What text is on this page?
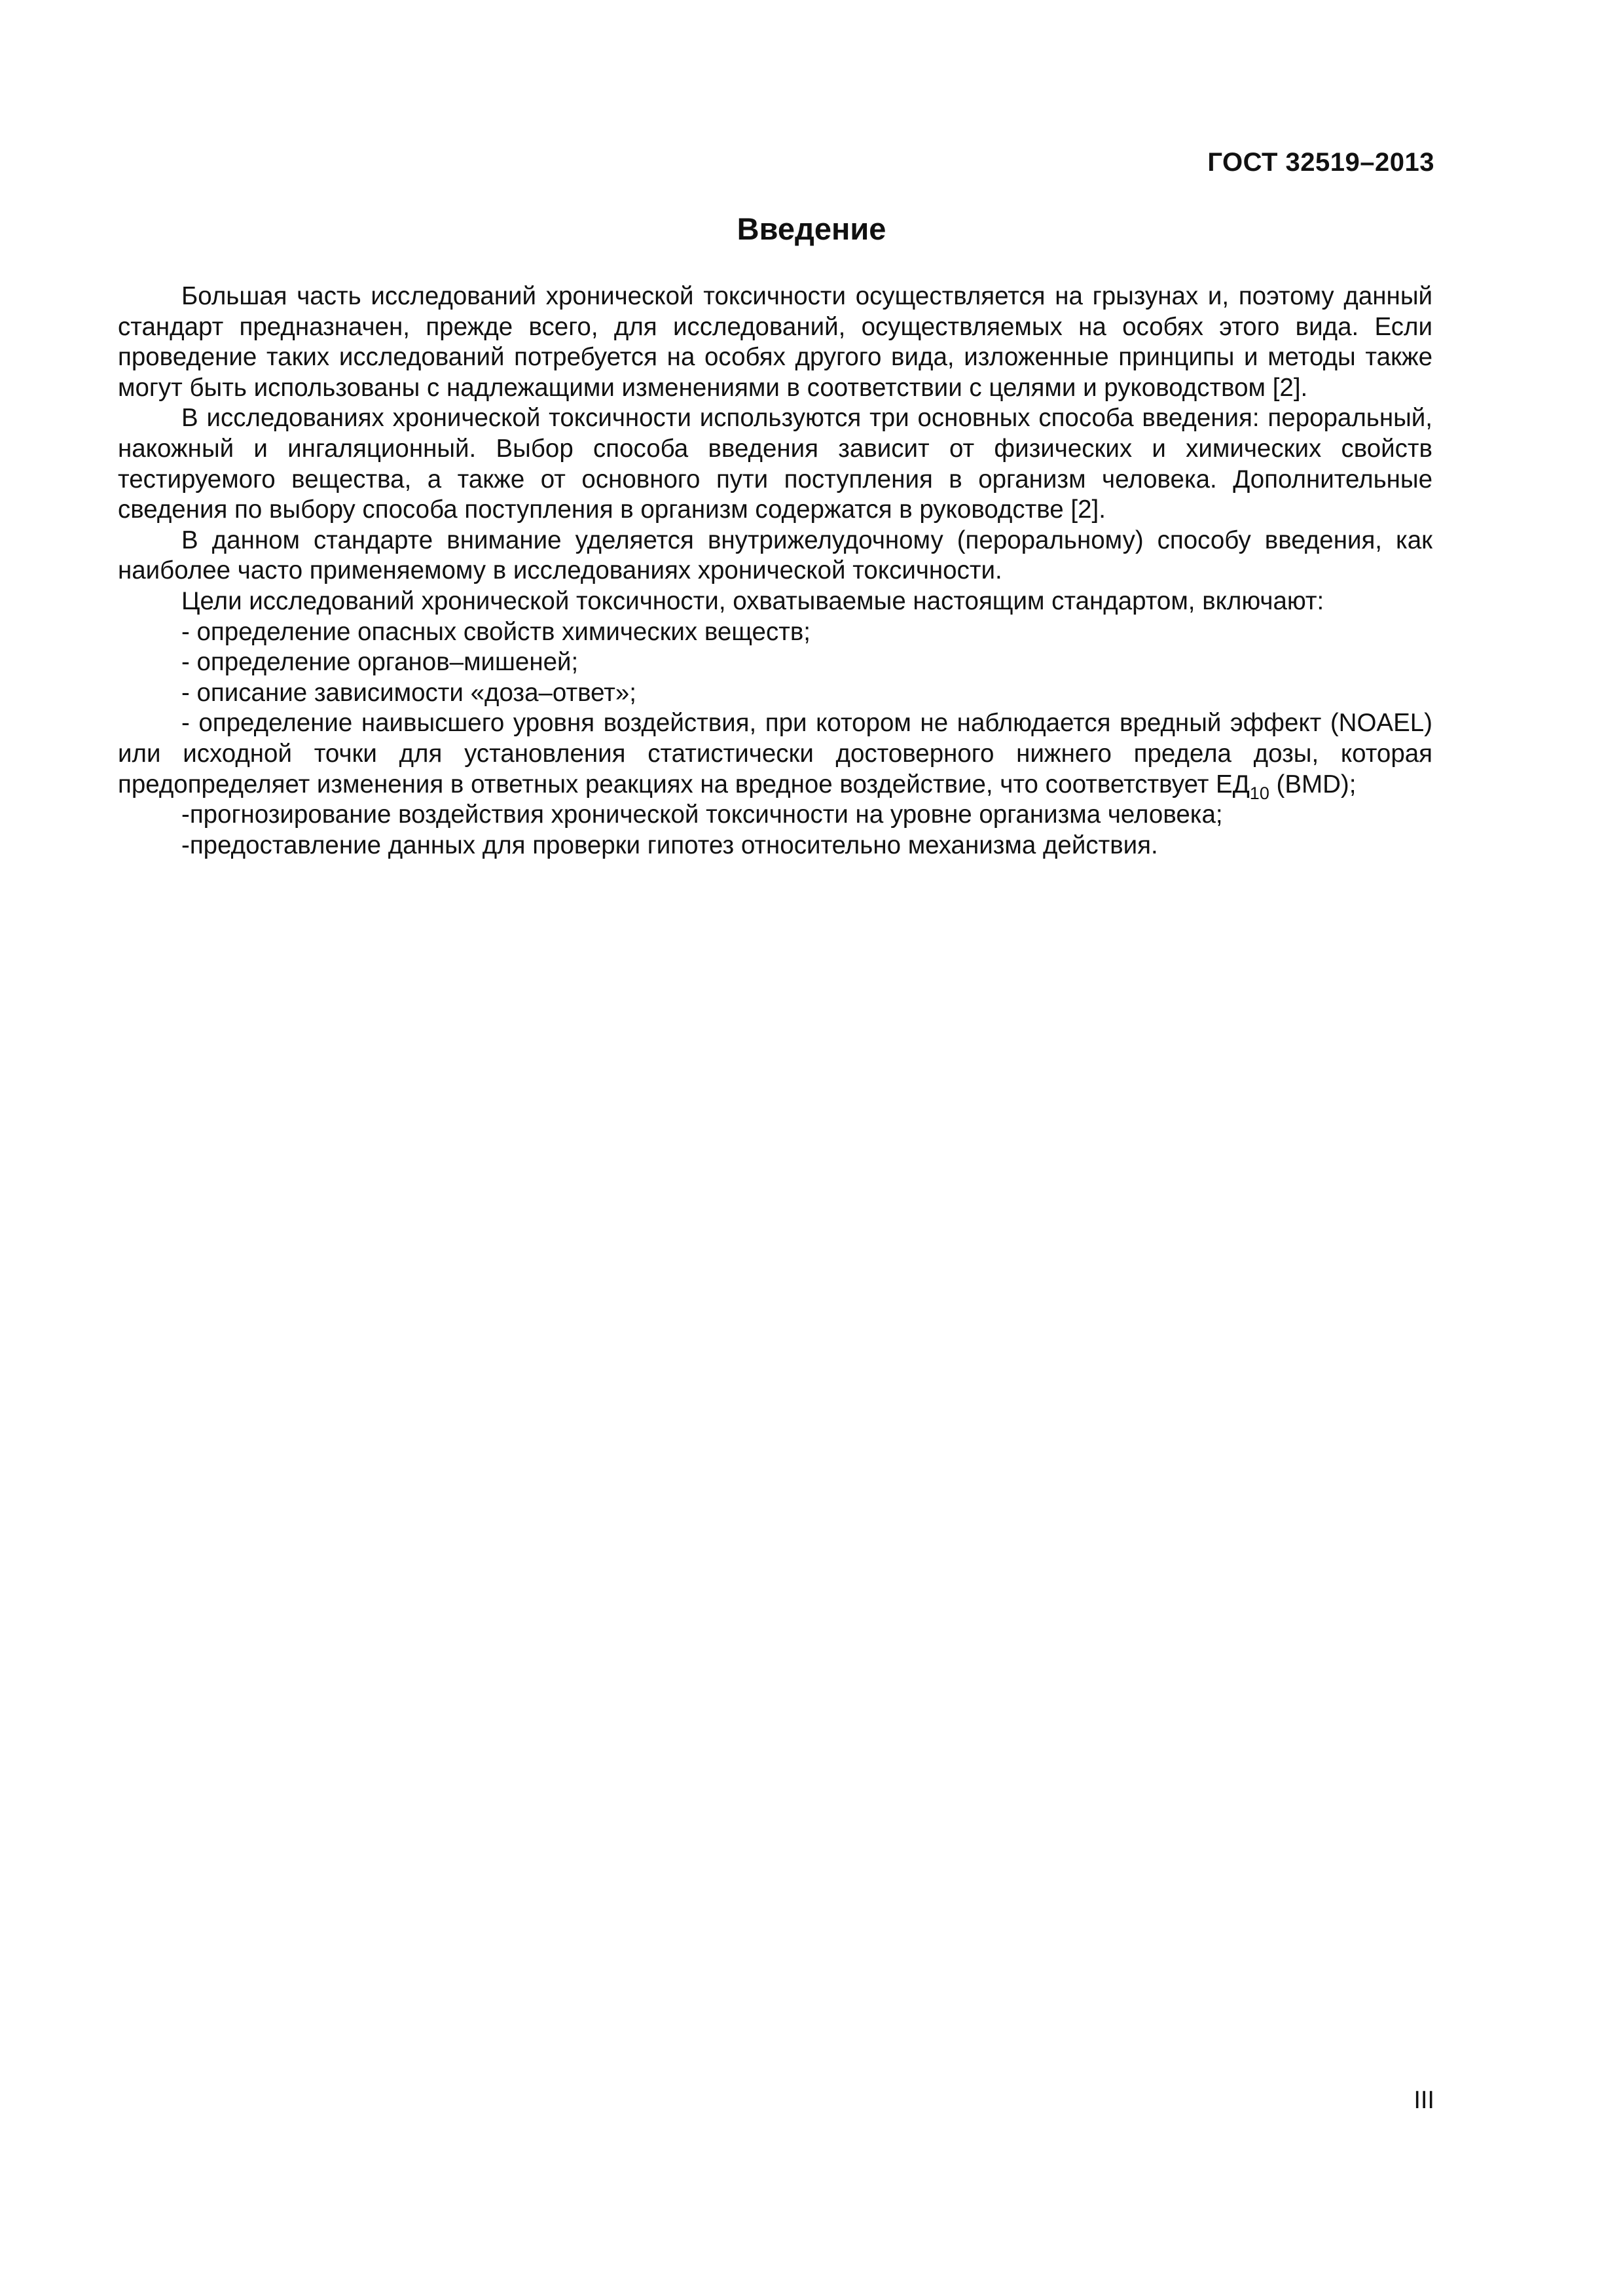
ГОСТ 32519–2013
Введение

Большая часть исследований хронической токсичности осуществляется на грызунах и, поэтому данный стандарт предназначен, прежде всего, для исследований, осуществляемых на особях этого вида. Если проведение таких исследований потребуется на особях другого вида, изложенные принципы и методы также могут быть использованы с надлежащими изменениями в соответствии с целями и руководством [2].

В исследованиях хронической токсичности используются три основных способа введения: пероральный, накожный и ингаляционный. Выбор способа введения зависит от физических и химических свойств тестируемого вещества, а также от основного пути поступления в организм человека. Дополнительные сведения по выбору способа поступления в организм содержатся в руководстве [2].

В данном стандарте внимание уделяется внутрижелудочному (пероральному) способу введения, как наиболее часто применяемому в исследованиях хронической токсичности.

Цели исследований хронической токсичности, охватываемые настоящим стандартом, включают:

- определение опасных свойств химических веществ;

- определение органов–мишеней;

- описание зависимости «доза–ответ»;

- определение наивысшего уровня воздействия, при котором не наблюдается вредный эффект (NOAEL) или исходной точки для установления статистически достоверного нижнего предела дозы, которая предопределяет изменения в ответных реакциях на вредное воздействие, что соответствует $ЕД_{10}$ (BMD);

-прогнозирование воздействия хронической токсичности на уровне организма человека;

-предоставление данных для проверки гипотез относительно механизма действия.

III
